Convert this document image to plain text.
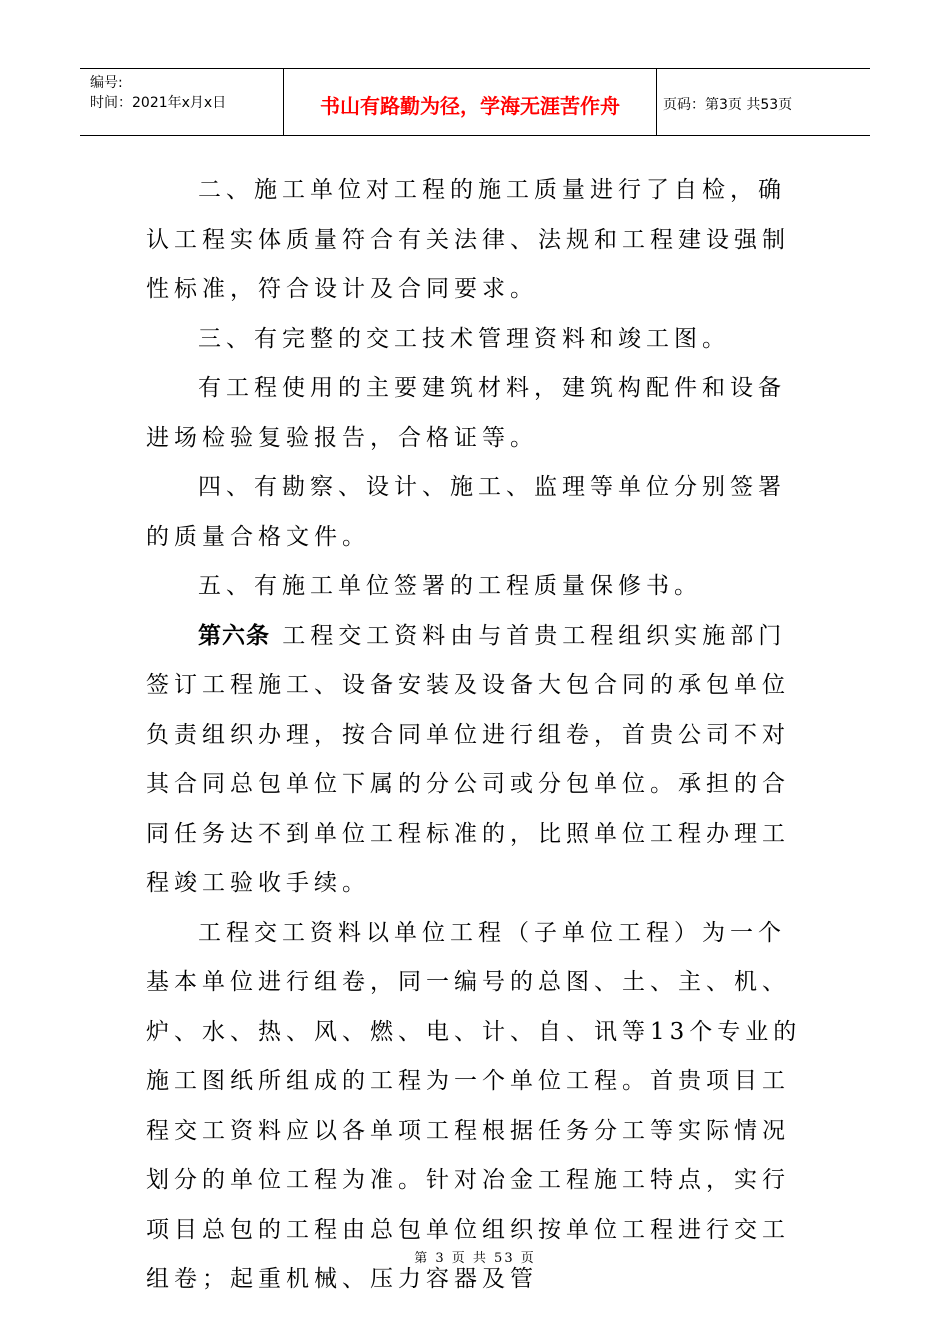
编号:
时间：2021年x月x日	书山有路勤为径，学海无涯苦作舟	页码：第3页 共53页

二、施工单位对工程的施工质量进行了自检，确认工程实体质量符合有关法律、法规和工程建设强制性标准，符合设计及合同要求。

三、有完整的交工技术管理资料和竣工图。

有工程使用的主要建筑材料，建筑构配件和设备进场检验复验报告，合格证等。

四、有勘察、设计、施工、监理等单位分别签署的质量合格文件。

五、有施工单位签署的工程质量保修书。

第六条 工程交工资料由与首贵工程组织实施部门签订工程施工、设备安装及设备大包合同的承包单位负责组织办理，按合同单位进行组卷，首贵公司不对其合同总包单位下属的分公司或分包单位。承担的合同任务达不到单位工程标准的，比照单位工程办理工程竣工验收手续。

工程交工资料以单位工程（子单位工程）为一个基本单位进行组卷，同一编号的总图、土、主、机、炉、水、热、风、燃、电、计、自、讯等13个专业的施工图纸所组成的工程为一个单位工程。首贵项目工程交工资料应以各单项工程根据任务分工等实际情况划分的单位工程为准。针对冶金工程施工特点，实行项目总包的工程由总包单位组织按单位工程进行交工组卷；起重机械、压力容器及管

第 3 页 共 53 页
